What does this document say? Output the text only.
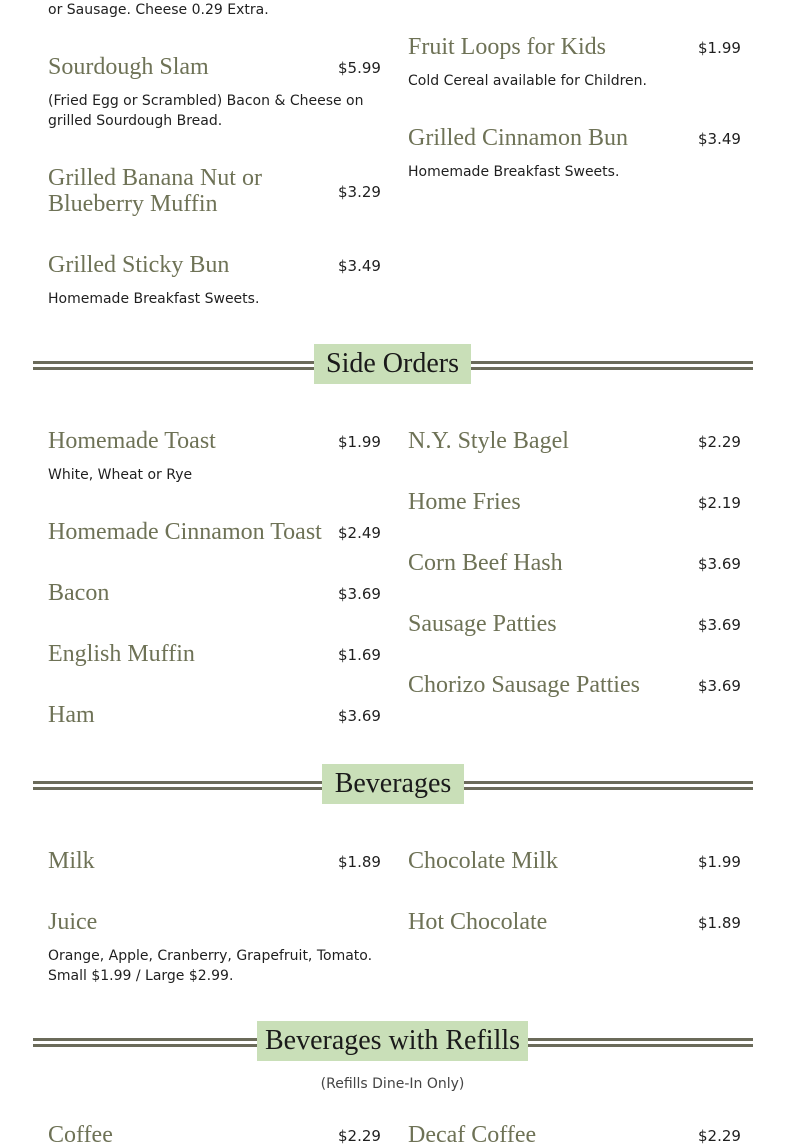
or Sausage. Cheese 0.29 Extra.
Sourdough Slam	$5.99
(Fried Egg or Scrambled) Bacon & Cheese on grilled Sourdough Bread.
Grilled Banana Nut or Blueberry Muffin	$3.29
Grilled Sticky Bun	$3.49
Homemade Breakfast Sweets.
Fruit Loops for Kids	$1.99
Cold Cereal available for Children.
Grilled Cinnamon Bun	$3.49
Homemade Breakfast Sweets.
Side Orders
Homemade Toast	$1.99
White, Wheat or Rye
Homemade Cinnamon Toast $2.49
Bacon	$3.69
English Muffin	$1.69
Ham	$3.69
N.Y. Style Bagel	$2.29
Home Fries	$2.19
Corn Beef Hash	$3.69
Sausage Patties	$3.69
Chorizo Sausage Patties	$3.69
Beverages
Milk	$1.89
Juice
Orange, Apple, Cranberry, Grapefruit, Tomato. Small $1.99 / Large $2.99.
Chocolate Milk	$1.99
Hot Chocolate	$1.89
Beverages with Refills
(Refills Dine-In Only)
Coffee	$2.29 Decaf Coffee	$2.29
